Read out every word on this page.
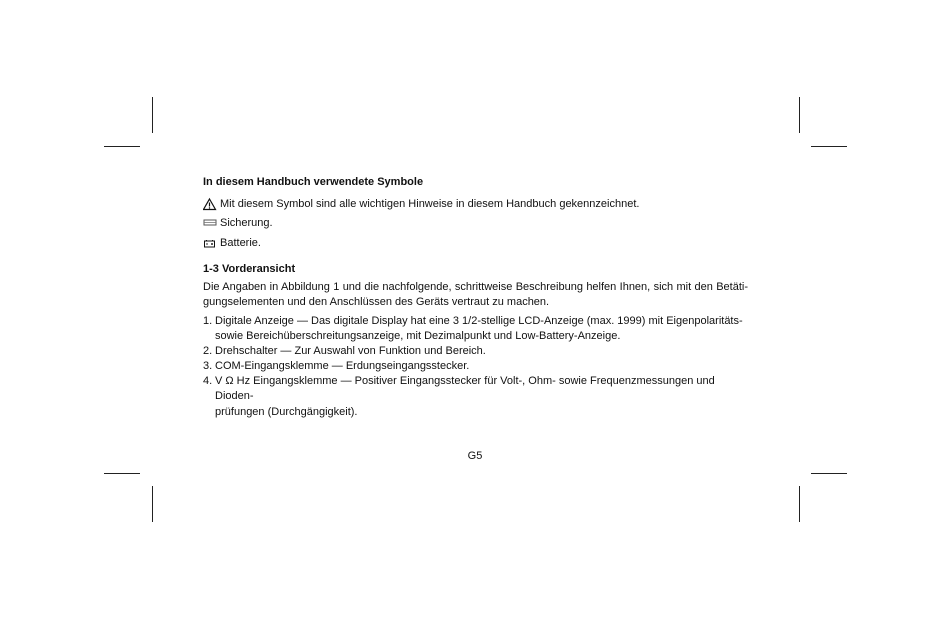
In diesem Handbuch verwendete Symbole
Mit diesem Symbol sind alle wichtigen Hinweise in diesem Handbuch gekennzeichnet.
Sicherung.
Batterie.
1-3 Vorderansicht
Die Angaben in Abbildung 1 und die nachfolgende, schrittweise Beschreibung helfen Ihnen, sich mit den Betäti-
gungselementen und den Anschlüssen des Geräts vertraut zu machen.
1. Digitale Anzeige — Das digitale Display hat eine 3 1/2-stellige LCD-Anzeige (max. 1999) mit Eigenpolaritäts-
sowie Bereichüberschreitungsanzeige, mit Dezimalpunkt und Low-Battery-Anzeige.
2. Drehschalter — Zur Auswahl von Funktion und Bereich.
3. COM-Eingangsklemme — Erdungseingangsstecker.
4. V Ω Hz Eingangsklemme — Positiver Eingangsstecker für Volt-, Ohm- sowie Frequenzmessungen und Dioden-
prüfungen (Durchgängigkeit).
G5
